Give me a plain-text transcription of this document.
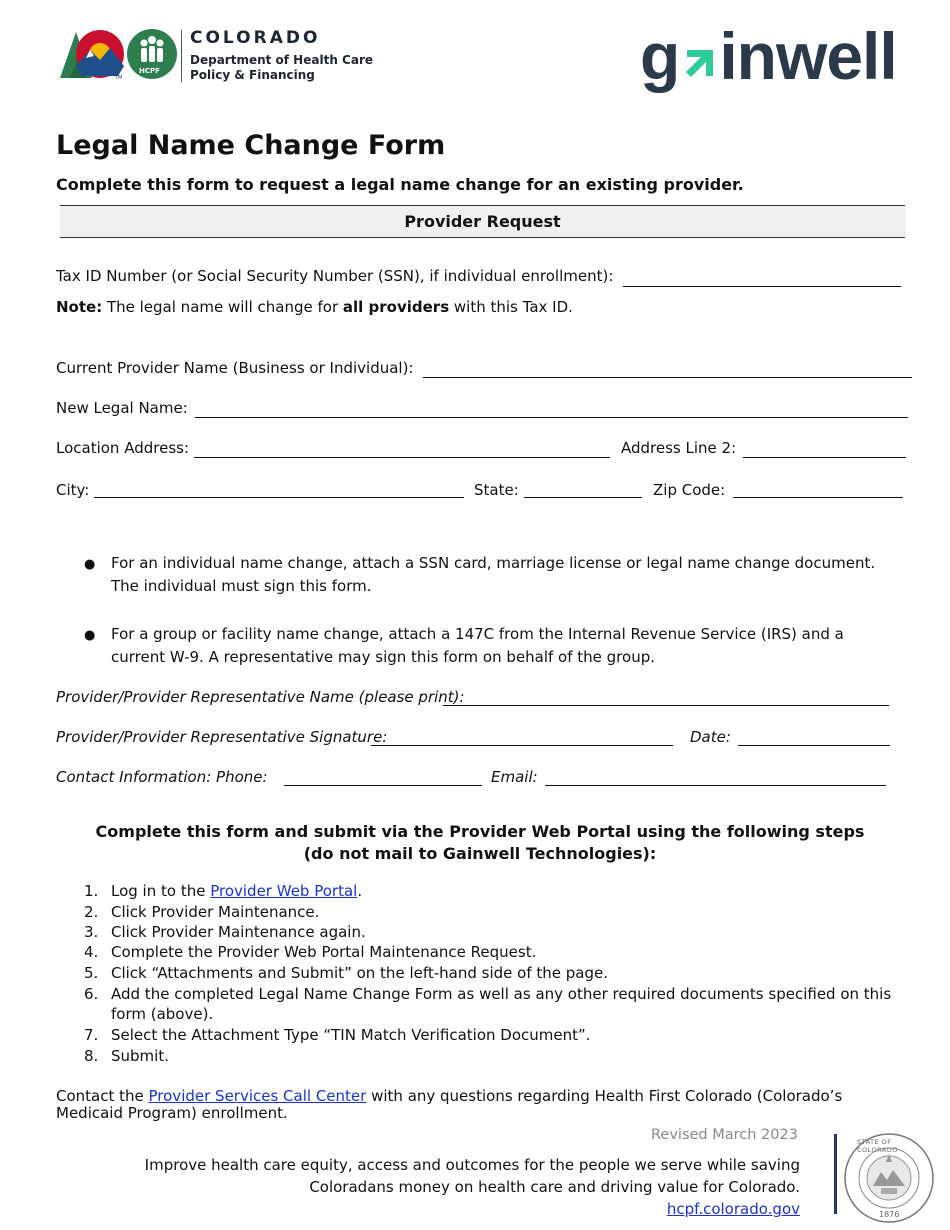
HCPF
TM
COLORADO
Department of Health Care
Policy & Financing	g inwell
Legal Name Change Form
Complete this form to request a legal name change for an existing provider.
Provider Request
Tax ID Number (or Social Security Number (SSN), if individual enrollment):
Note: The legal name will change for all providers with this Tax ID.
Current Provider Name (Business or Individual):
New Legal Name:
Location Address:	Address Line 2:
City:	State:	Zip Code:
● For an individual name change, attach a SSN card, marriage license or legal name change document. The individual must sign this form.
● For a group or facility name change, attach a 147C from the Internal Revenue Service (IRS) and a current W-9. A representative may sign this form on behalf of the group.
Provider/Provider Representative Name (please print):
Provider/Provider Representative Signature:	Date:
Contact Information: Phone:	Email:
Complete this form and submit via the Provider Web Portal using the following steps
(do not mail to Gainwell Technologies):
1. Log in to the Provider Web Portal.
2. Click Provider Maintenance.
3. Click Provider Maintenance again.
4. Complete the Provider Web Portal Maintenance Request.
5. Click “Attachments and Submit” on the left-hand side of the page.
6. Add the completed Legal Name Change Form as well as any other required documents specified on this
form (above).
7. Select the Attachment Type “TIN Match Verification Document”.
8. Submit.
Contact the Provider Services Call Center with any questions regarding Health First Colorado (Colorado’s
Medicaid Program) enrollment.
Revised March 2023
Improve health care equity, access and outcomes for the people we serve while saving
Coloradans money on health care and driving value for Colorado.
hcpf.colorado.gov
STATE OF COLORADO
1876
